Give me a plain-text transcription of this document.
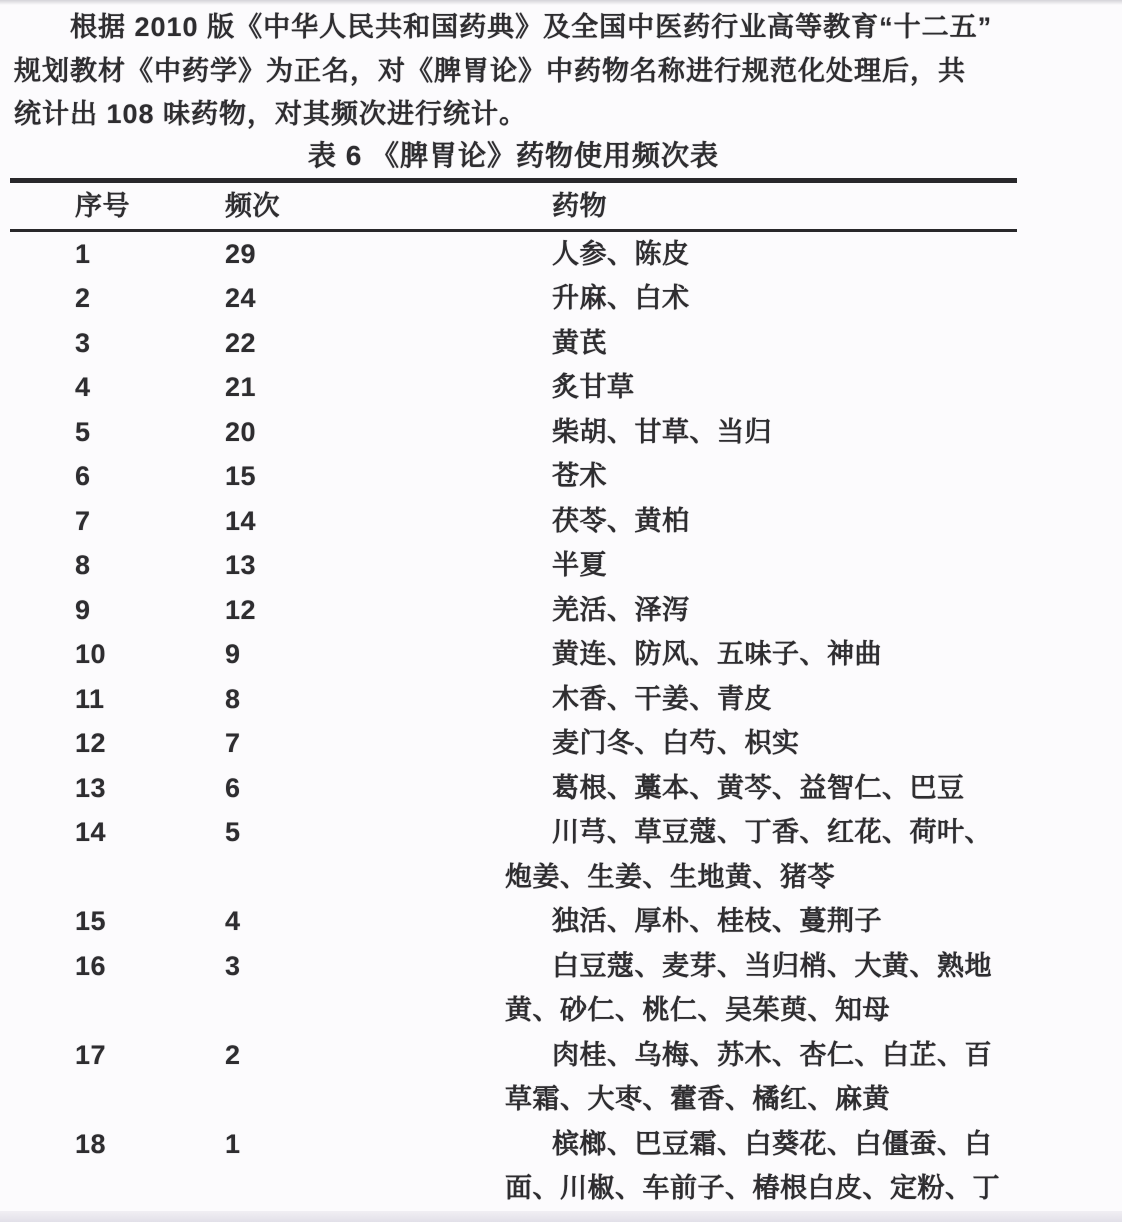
根据 2010 版《中华人民共和国药典》及全国中医药行业高等教育“十二五”
规划教材《中药学》为正名，对《脾胃论》中药物名称进行规范化处理后，共
统计出 108 味药物，对其频次进行统计。
表 6 《脾胃论》药物使用频次表
序号	频次	药物
1	29	人参、陈皮
2	24	升麻、白术
3	22	黄芪
4	21	炙甘草
5	20	柴胡、甘草、当归
6	15	苍术
7	14	茯苓、黄柏
8	13	半夏
9	12	羌活、泽泻
10	9	黄连、防风、五味子、神曲
11	8	木香、干姜、青皮
12	7	麦门冬、白芍、枳实
13	6	葛根、藁本、黄芩、益智仁、巴豆
14	5	川芎、草豆蔻、丁香、红花、荷叶、炮姜、生姜、生地黄、猪苓
15	4	独活、厚朴、桂枝、蔓荆子
16	3	白豆蔻、麦芽、当归梢、大黄、熟地黄、砂仁、桃仁、吴茱萸、知母
17	2	肉桂、乌梅、苏木、杏仁、白芷、百草霜、大枣、藿香、橘红、麻黄
18	1	槟榔、巴豆霜、白葵花、白僵蚕、白面、川椒、车前子、椿根白皮、定粉、丁
